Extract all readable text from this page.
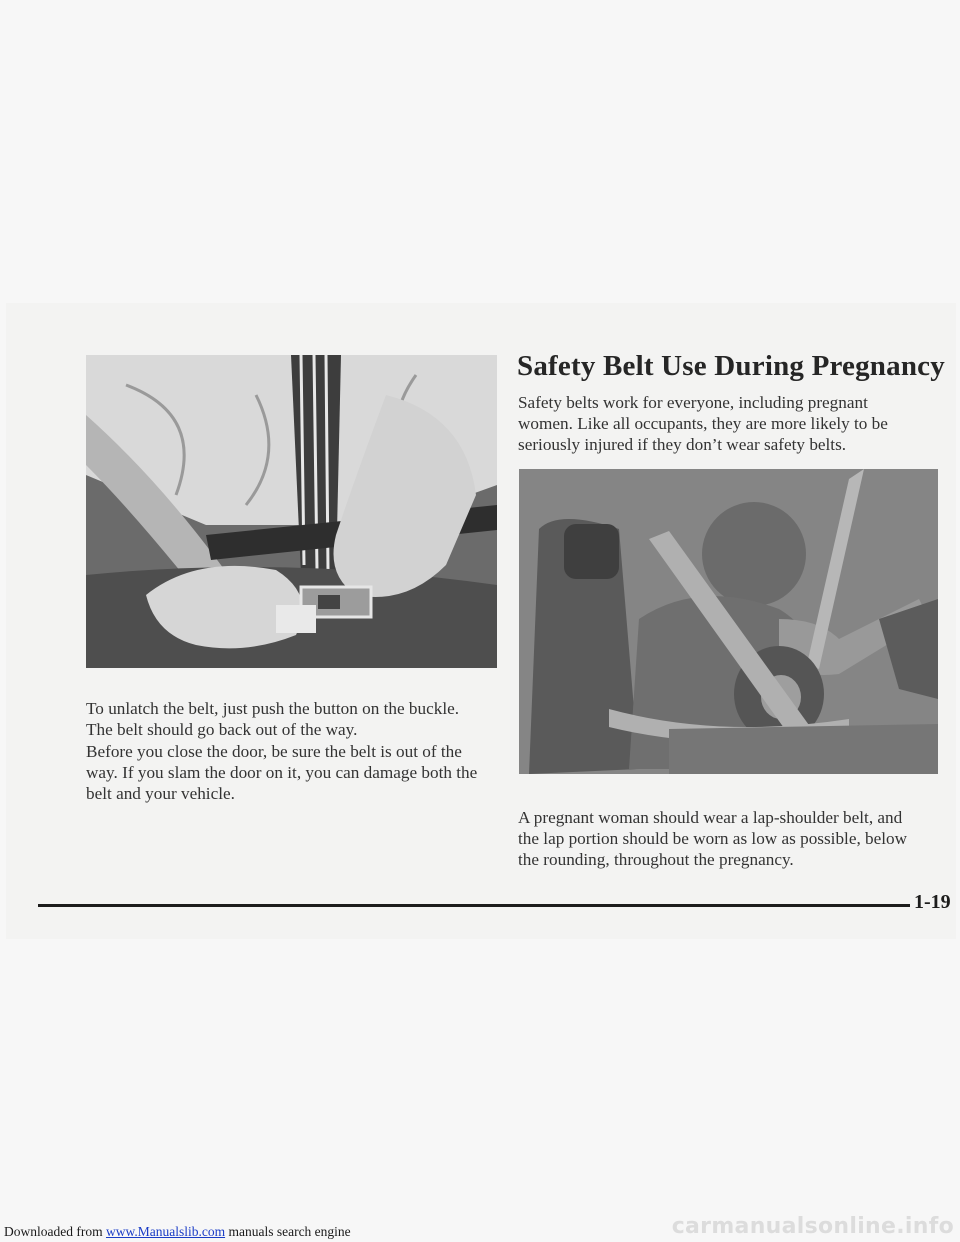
Safety Belt Use During Pregnancy

Safety belts work for everyone, including pregnant
women. Like all occupants, they are more likely to be
seriously injured if they don’t wear safety belts.

To unlatch the belt, just push the button on the buckle.
The belt should go back out of the way.

Before you close the door, be sure the belt is out of the
way. If you slam the door on it, you can damage both the
belt and your vehicle.

A pregnant woman should wear a lap-shoulder belt, and
the lap portion should be worn as low as possible, below
the rounding, throughout the pregnancy.

1-19
Downloaded from www.Manualslib.com manuals search engine	carmanualsonline.info
